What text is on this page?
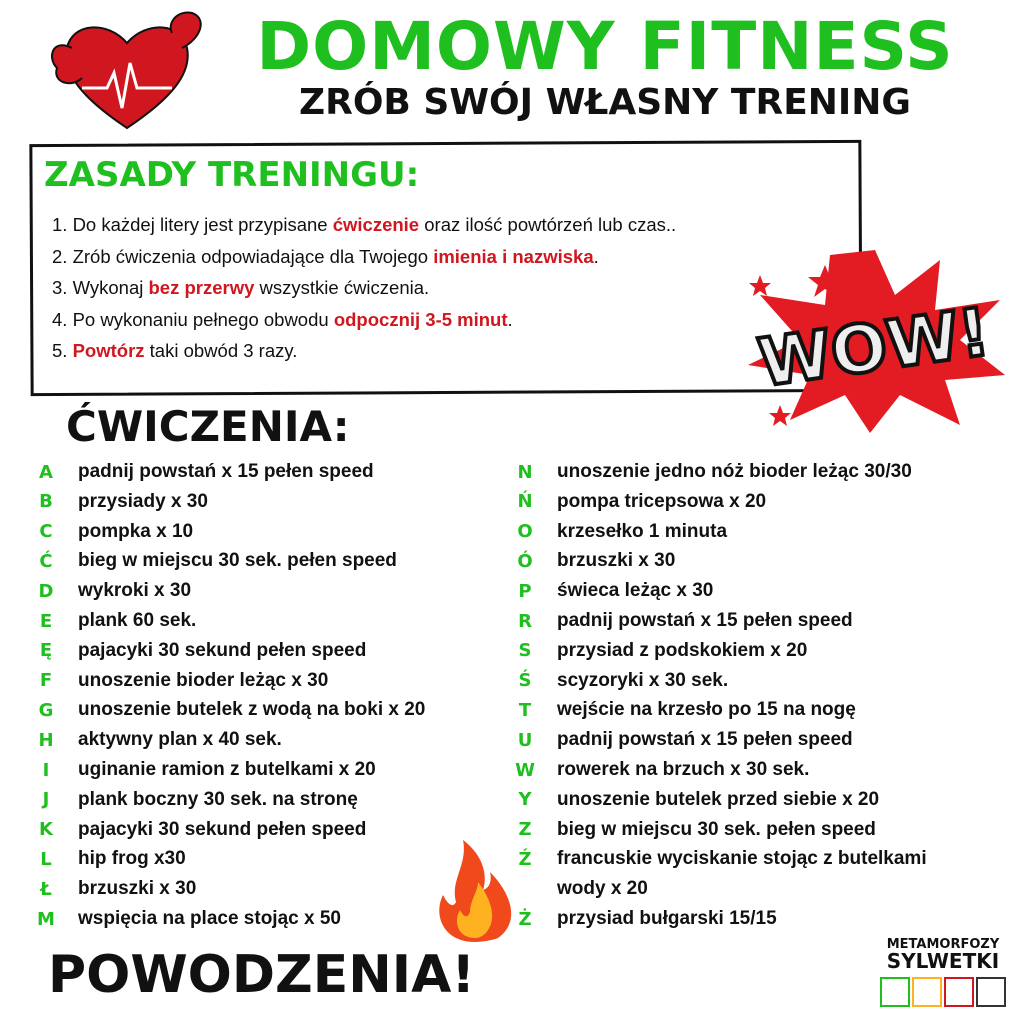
DOMOWY FITNESS
ZRÓB SWÓJ WŁASNY TRENING
ZASADY TRENINGU:
1. Do każdej litery jest przypisane ćwiczenie oraz ilość powtórzeń lub czas..
2. Zrób ćwiczenia odpowiadające dla Twojego imienia i nazwiska.
3. Wykonaj bez przerwy wszystkie ćwiczenia.
4. Po wykonaniu pełnego obwodu odpocznij 3-5 minut.
5. Powtórz taki obwód 3 razy.	WOW!
ĆWICZENIA:
A	padnij powstań x 15 pełen speed
B	przysiady x 30
C	pompka x 10
Ć	bieg w miejscu 30 sek. pełen speed
D	wykroki x 30
E	plank 60 sek.
Ę	pajacyki 30 sekund pełen speed
F	unoszenie bioder leżąc x 30
G	unoszenie butelek z wodą na boki x 20
H	aktywny plan x 40 sek.
I	uginanie ramion z butelkami x 20
J	plank boczny 30 sek. na stronę
K	pajacyki 30 sekund pełen speed
L	hip frog x30
Ł	brzuszki x 30
M	wspięcia na place stojąc x 50
N	unoszenie jedno nóż bioder leżąc 30/30
Ń	pompa tricepsowa x 20
O	krzesełko 1 minuta
Ó	brzuszki x 30
P	świeca leżąc x 30
R	padnij powstań x 15 pełen speed
S	przysiad z podskokiem x 20
Ś	scyzoryki x 30 sek.
T	wejście na krzesło po 15 na nogę
U	padnij powstań x 15 pełen speed
W	rowerek na brzuch x 30 sek.
Y	unoszenie butelek przed siebie x 20
Z	bieg w miejscu 30 sek. pełen speed
Ź	francuskie wyciskanie stojąc z butelkami
wody x 20
Ż	przysiad bułgarski 15/15
POWODZENIA!
METAMORFOZY
SYLWETKI
